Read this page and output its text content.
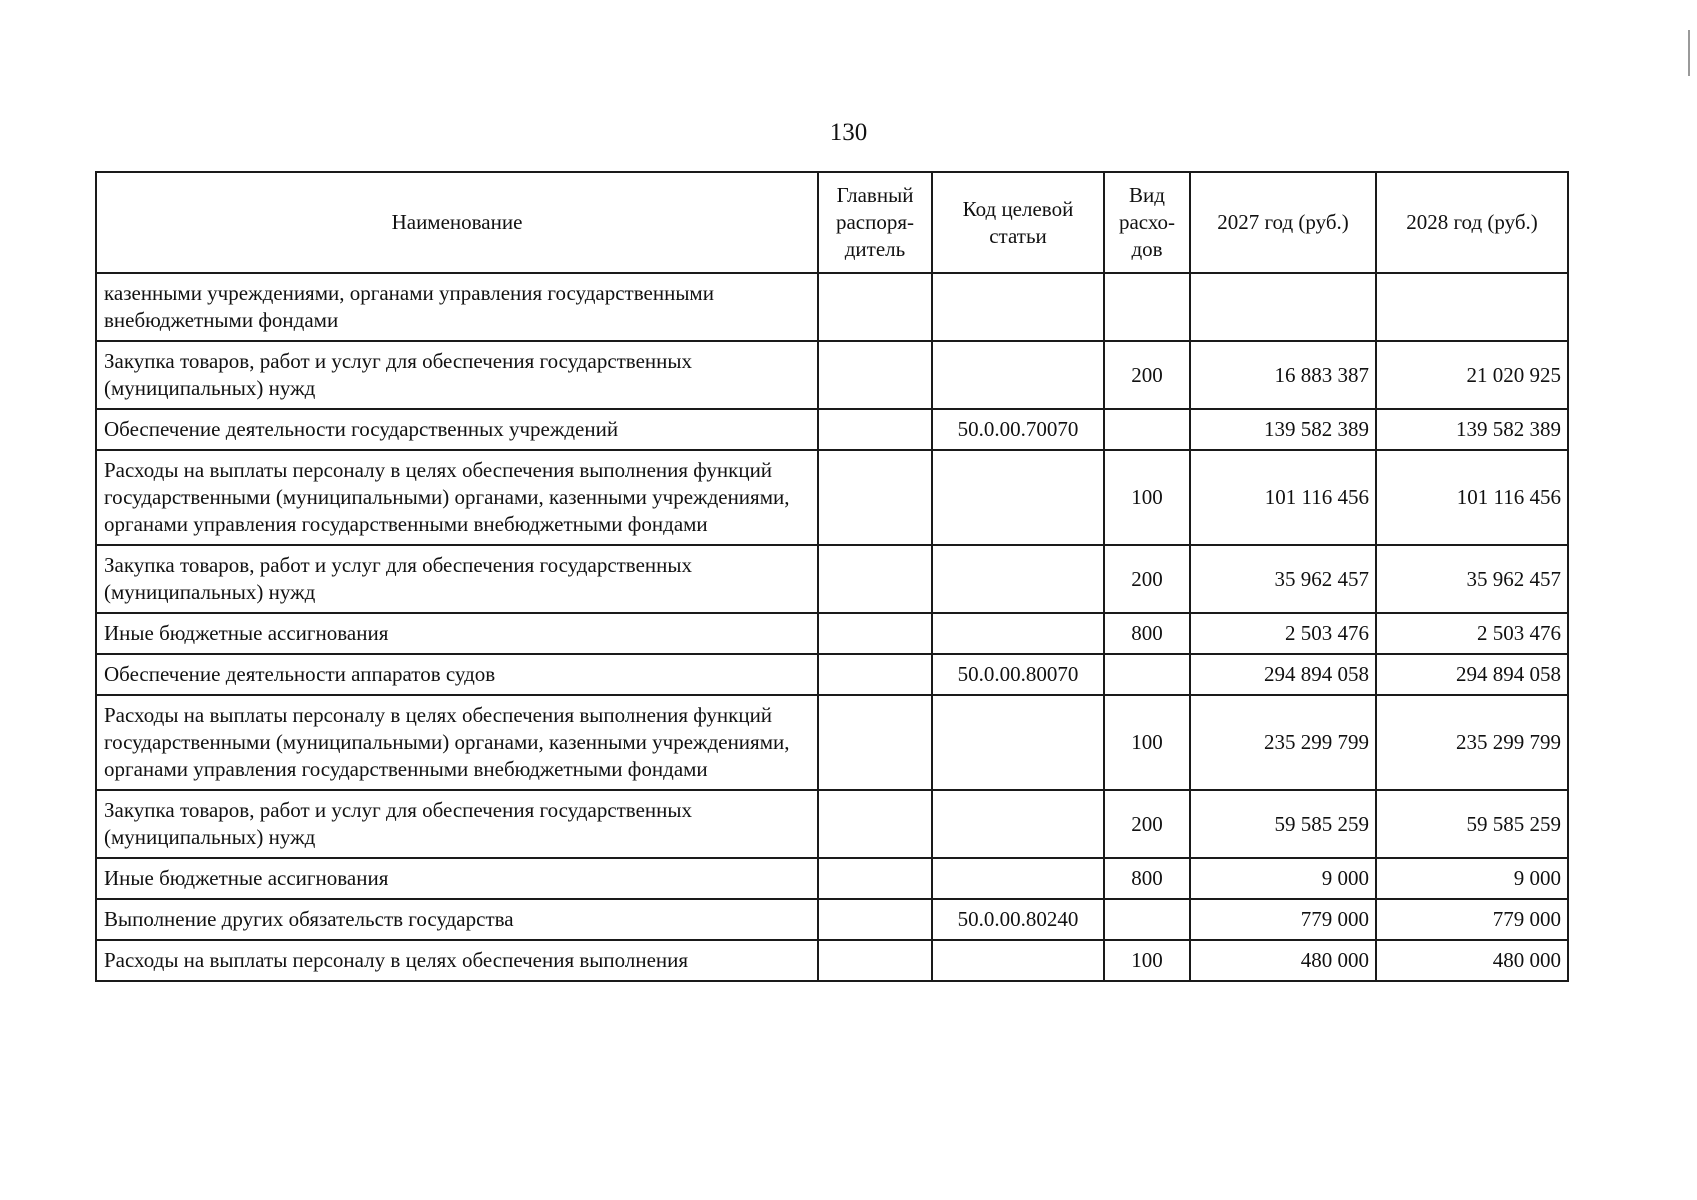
130
Наименование	Главный распоря-дитель	Код целевой статьи	Вид расхо-дов	2027 год (руб.)	2028 год (руб.)
казенными учреждениями, органами управления государственными внебюджетными фондами					
Закупка товаров, работ и услуг для обеспечения государственных (муниципальных) нужд			200	16 883 387	21 020 925
Обеспечение деятельности государственных учреждений		50.0.00.70070		139 582 389	139 582 389
Расходы на выплаты персоналу в целях обеспечения выполнения функций государственными (муниципальными) органами, казенными учреждениями, органами управления государственными внебюджетными фондами			100	101 116 456	101 116 456
Закупка товаров, работ и услуг для обеспечения государственных (муниципальных) нужд			200	35 962 457	35 962 457
Иные бюджетные ассигнования			800	2 503 476	2 503 476
Обеспечение деятельности аппаратов судов		50.0.00.80070		294 894 058	294 894 058
Расходы на выплаты персоналу в целях обеспечения выполнения функций государственными (муниципальными) органами, казенными учреждениями, органами управления государственными внебюджетными фондами			100	235 299 799	235 299 799
Закупка товаров, работ и услуг для обеспечения государственных (муниципальных) нужд			200	59 585 259	59 585 259
Иные бюджетные ассигнования			800	9 000	9 000
Выполнение других обязательств государства		50.0.00.80240		779 000	779 000
Расходы на выплаты персоналу в целях обеспечения выполнения			100	480 000	480 000
